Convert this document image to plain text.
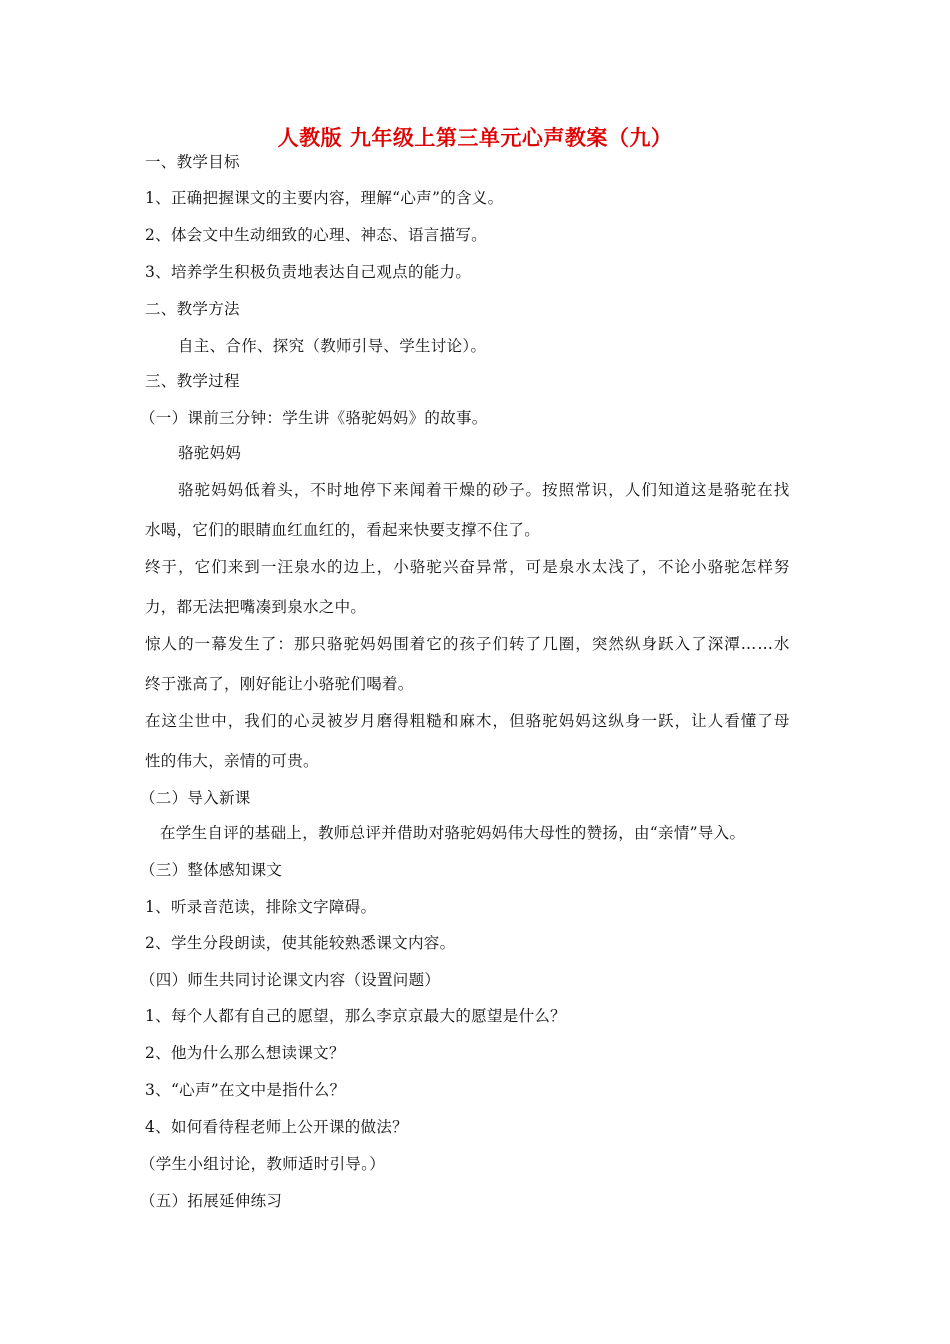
人教版 九年级上第三单元心声教案（九）
一、教学目标
1、正确把握课文的主要内容，理解“心声”的含义。
2、体会文中生动细致的心理、神态、语言描写。
3、培养学生积极负责地表达自己观点的能力。
二、教学方法
自主、合作、探究（教师引导、学生讨论）。
三、教学过程
（一）课前三分钟：学生讲《骆驼妈妈》的故事。
骆驼妈妈
骆驼妈妈低着头，不时地停下来闻着干燥的砂子。按照常识，人们知道这是骆驼在找
水喝，它们的眼睛血红血红的，看起来快要支撑不住了。
终于，它们来到一汪泉水的边上，小骆驼兴奋异常，可是泉水太浅了，不论小骆驼怎样努
力，都无法把嘴凑到泉水之中。
惊人的一幕发生了：那只骆驼妈妈围着它的孩子们转了几圈，突然纵身跃入了深潭……水
终于涨高了，刚好能让小骆驼们喝着。
在这尘世中，我们的心灵被岁月磨得粗糙和麻木，但骆驼妈妈这纵身一跃，让人看懂了母
性的伟大，亲情的可贵。
（二）导入新课
在学生自评的基础上，教师总评并借助对骆驼妈妈伟大母性的赞扬，由“亲情”导入。
（三）整体感知课文
1、听录音范读，排除文字障碍。
2、学生分段朗读，使其能较熟悉课文内容。
（四）师生共同讨论课文内容（设置问题）
1、每个人都有自己的愿望，那么李京京最大的愿望是什么？
2、他为什么那么想读课文？
3、“心声”在文中是指什么？
4、如何看待程老师上公开课的做法？
（学生小组讨论，教师适时引导。）
（五）拓展延伸练习
